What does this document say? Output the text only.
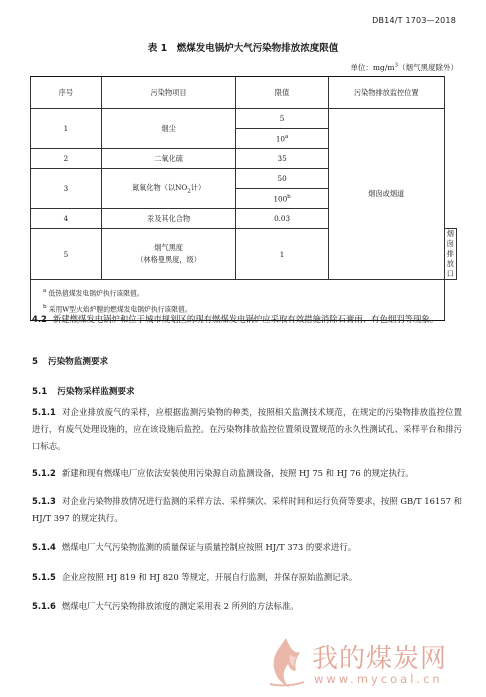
DB14/T 1703—2018
表 1　燃煤发电锅炉大气污染物排放浓度限值
单位：$mg/m^3$（烟气黑度除外）
序号	污染物项目	限值	污染物排放监控位置	
1	烟尘	5	烟囱或烟道	
		10$^a$
2	二氧化硫	35		
3	氮氧化物（以$NO_2$计）	50		
		100$^b$
4	汞及其化合物	0.03		
5	烟气黑度
（林格曼黑度，级）	1		烟囱排放口

$^a$ 低热值煤发电锅炉执行该限值。
$^b$ 采用W型火焰炉膛的燃煤发电锅炉执行该限值。				
4.2 新建燃煤发电锅炉和位于城市规划区的现有燃煤发电锅炉应采取有效措施消除石膏雨、有色烟羽等现象。
5 污染物监测要求
5.1 污染物采样监测要求
5.1.1 对企业排放废气的采样，应根据监测污染物的种类，按照相关监测技术规范，在规定的污染物排放监控位置进行，有废气处理设施的，应在该设施后监控。在污染物排放监控位置须设置规范的永久性测试孔、采样平台和排污口标志。
5.1.2 新建和现有燃煤电厂应依法安装使用污染源自动监测设备，按照 HJ 75 和 HJ 76 的规定执行。
5.1.3 对企业污染物排放情况进行监测的采样方法、采样频次、采样时间和运行负荷等要求，按照 GB/T 16157 和 HJ/T 397 的规定执行。
5.1.4 燃煤电厂大气污染物监测的质量保证与质量控制应按照 HJ/T 373 的要求进行。
5.1.5 企业应按照 HJ 819 和 HJ 820 等规定，开展自行监测，并保存原始监测记录。
5.1.6 燃煤电厂大气污染物排放浓度的测定采用表 2 所列的方法标准。
我的煤炭网
www.mycoal.cn
